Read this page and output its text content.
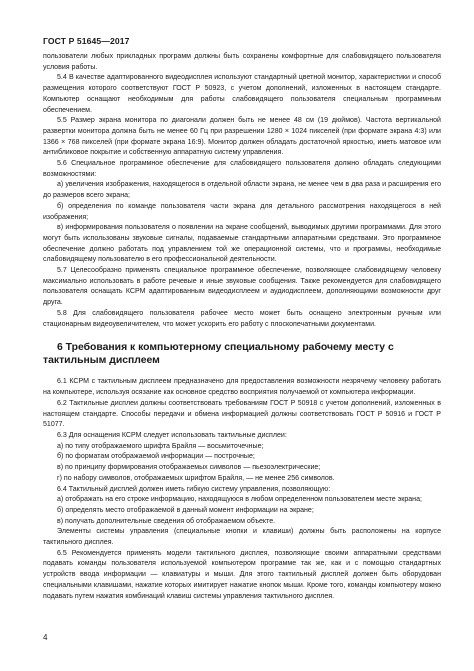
ГОСТ Р 51645—2017

пользователи любых прикладных программ должны быть сохранены комфортные для слабовидящего пользователя условия работы.

5.4 В качестве адаптированного видеодисплея используют стандартный цветной монитор, характеристики и способ размещения которого соответствуют ГОСТ Р 50923, с учетом дополнений, изложенных в настоящем стандарте. Компьютер оснащают необходимым для работы слабовидящего пользователя специальным программным обеспечением.

5.5 Размер экрана монитора по диагонали должен быть не менее 48 см (19 дюймов). Частота вертикальной развертки монитора должна быть не менее 60 Гц при разрешении 1280 × 1024 пикселей (при формате экрана 4:3) или 1366 × 768 пикселей (при формате экрана 16:9). Монитор должен обладать достаточной яркостью, иметь матовое или антибликовое покрытие и собственную аппаратную систему управления.

5.6 Специальное программное обеспечение для слабовидящего пользователя должно обладать следующими возможностями:

а) увеличения изображения, находящегося в отдельной области экрана, не менее чем в два раза и расширения его до размеров всего экрана;

б) определения по команде пользователя части экрана для детального рассмотрения находящегося в ней изображения;

в) информирования пользователя о появлении на экране сообщений, выводимых другими программами. Для этого могут быть использованы звуковые сигналы, подаваемые стандартными аппаратными средствами. Это программное обеспечение должно работать под управлением той же операционной системы, что и программы, необходимые слабовидящему пользователю в его профессиональной деятельности.

5.7 Целесообразно применять специальное программное обеспечение, позволяющее слабовидящему человеку максимально использовать в работе речевые и иные звуковые сообщения. Также рекомендуется для слабовидящего пользователя оснащать КСРМ адаптированным видеодисплеем и аудиодисплеем, дополняющими возможности друг друга.

5.8 Для слабовидящего пользователя рабочее место может быть оснащено электронным ручным или стационарным видеоувеличителем, что может ускорить его работу с плоскопечатными документами.

6 Требования к компьютерному специальному рабочему месту с тактильным дисплеем

6.1 КСРМ с тактильным дисплеем предназначено для предоставления возможности незрячему человеку работать на компьютере, используя осязание как основное средство восприятия получаемой от компьютера информации.

6.2 Тактильные дисплеи должны соответствовать требованиям ГОСТ Р 50918 с учетом дополнений, изложенных в настоящем стандарте. Способы передачи и обмена информацией должны соответствовать ГОСТ Р 50916 и ГОСТ Р 51077.

6.3 Для оснащения КСРМ следует использовать тактильные дисплеи:

а) по типу отображаемого шрифта Брайля — восьмиточечные;

б) по форматам отображаемой информации — построчные;

в) по принципу формирования отображаемых символов — пьезоэлектрические;

г) по набору символов, отображаемых шрифтом Брайля, — не менее 256 символов.

6.4 Тактильный дисплей должен иметь гибкую систему управления, позволяющую:

а) отображать на его строке информацию, находящуюся в любом определенном пользователем месте экрана;

б) определять место отображаемой в данный момент информации на экране;

в) получать дополнительные сведения об отображаемом объекте.

Элементы системы управления (специальные кнопки и клавиши) должны быть расположены на корпусе тактильного дисплея.

6.5 Рекомендуется применять модели тактильного дисплея, позволяющие своими аппаратными средствами подавать команды пользователя используемой компьютером программе так же, как и с помощью стандартных устройств ввода информации — клавиатуры и мыши. Для этого тактильный дисплей должен быть оборудован специальными клавишами, нажатие которых имитирует нажатие кнопок мыши. Кроме того, команды компьютеру можно подавать путем нажатия комбинаций клавиш системы управления тактильного дисплея.

4
